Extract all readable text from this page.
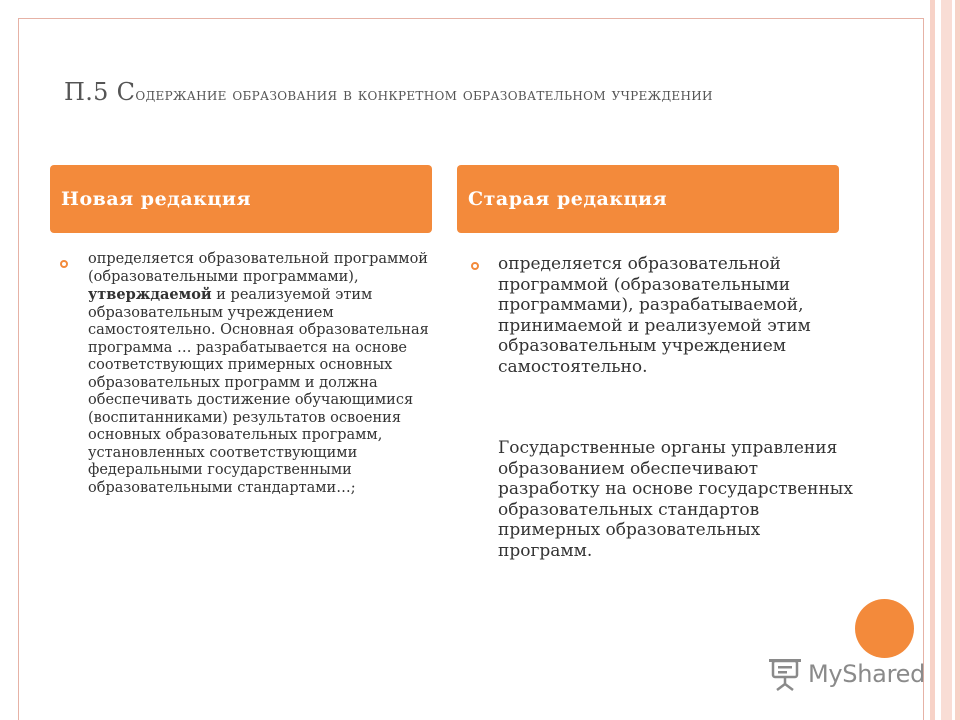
П.5 Содержание образования в конкретном образовательном учреждении
Новая редакция	Старая редакция

определяется образовательной программой (образовательными программами), утверждаемой и реализуемой этим образовательным учреждением самостоятельно. Основная образовательная программа … разрабатывается на основе соответствующих примерных основных образовательных программ и должна обеспечивать достижение обучающимися (воспитанниками) результатов освоения основных образовательных программ, установленных соответствующими федеральными государственными образовательными стандартами…;

определяется образовательной программой (образовательными программами), разрабатываемой, принимаемой и реализуемой этим образовательным учреждением самостоятельно.

Государственные органы управления образованием обеспечивают разработку на основе государственных образовательных стандартов примерных образовательных программ.

MyShared
